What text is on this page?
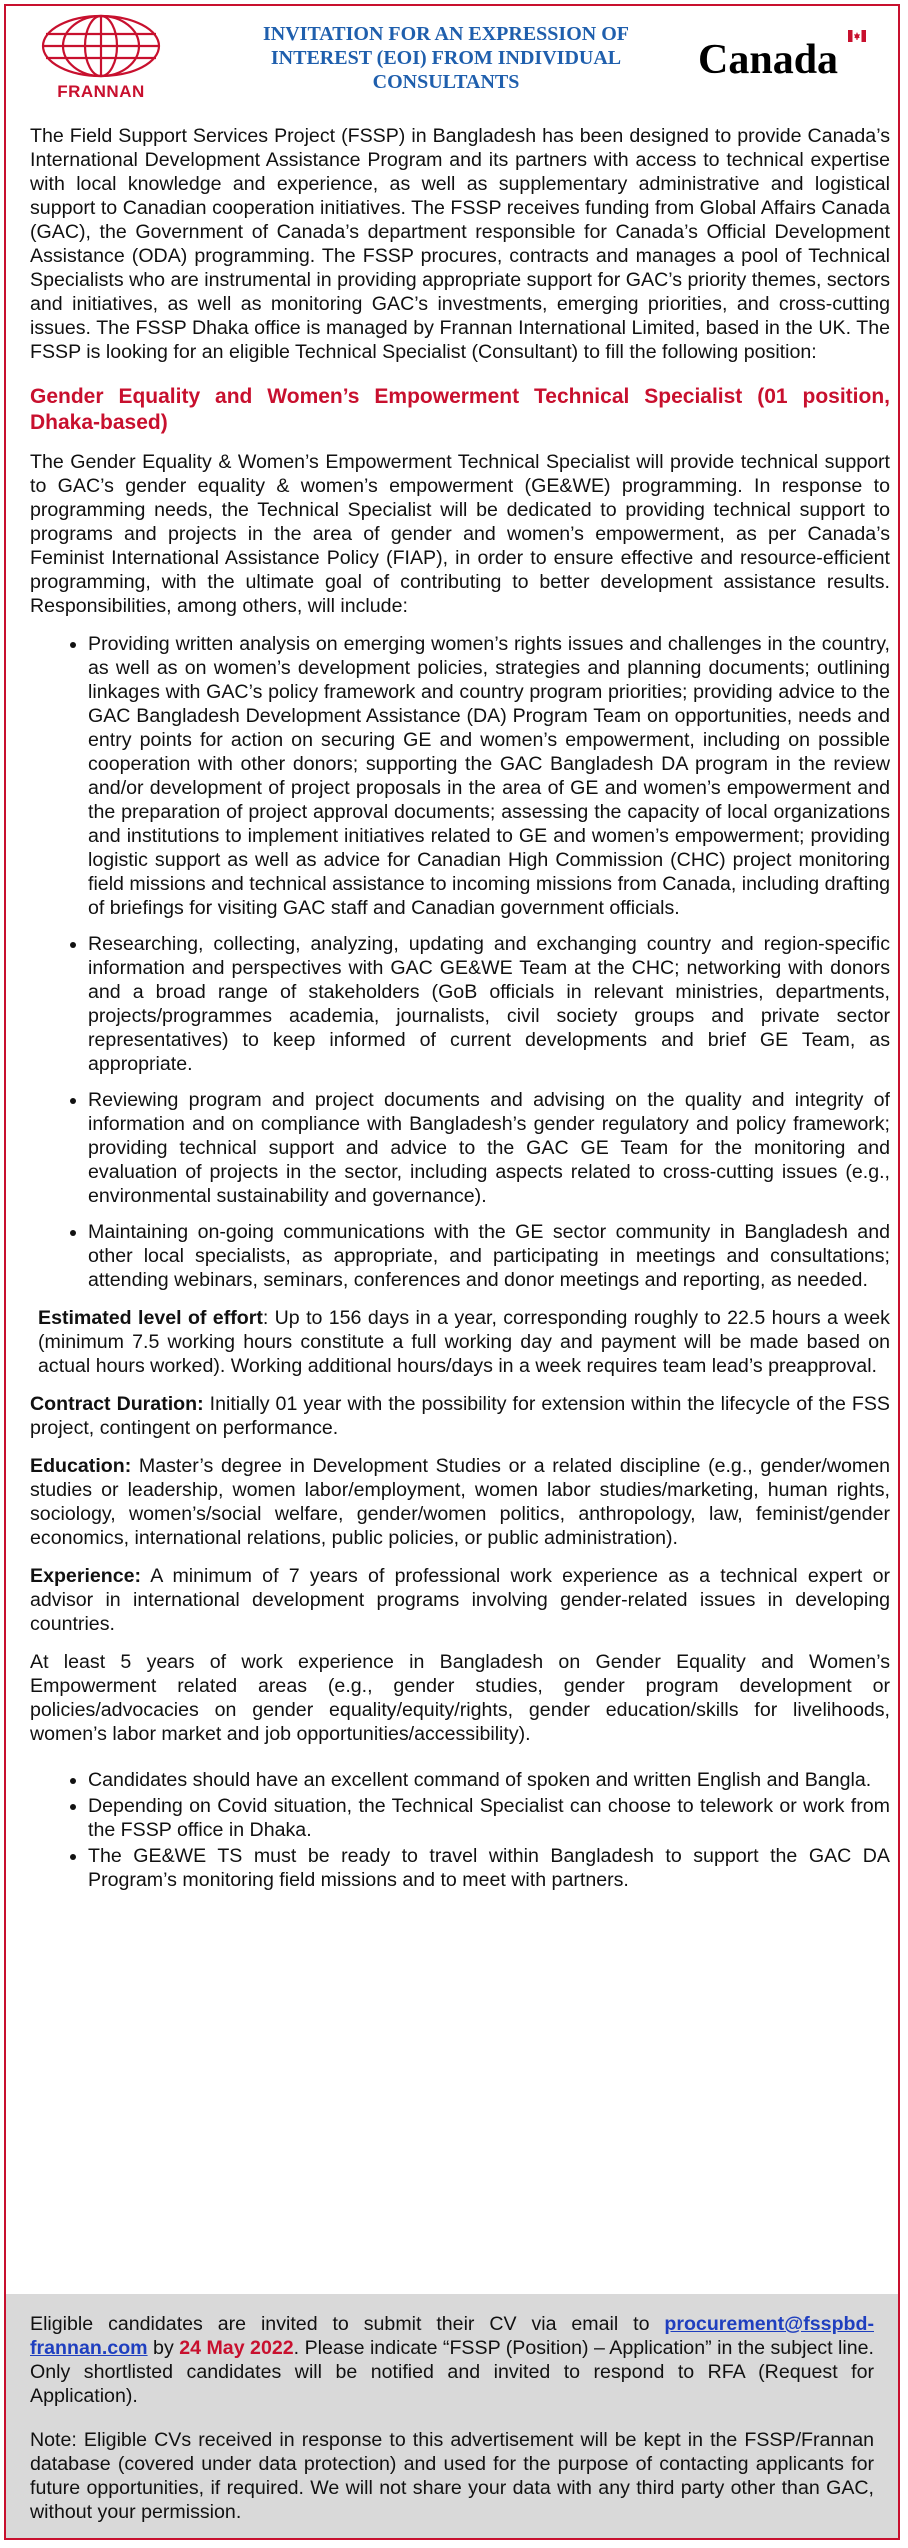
FRANNAN
INVITATION FOR AN EXPRESSION OF INTEREST (EOI) FROM INDIVIDUAL CONSULTANTS	Canada

The Field Support Services Project (FSSP) in Bangladesh has been designed to provide Canada’s International Development Assistance Program and its partners with access to technical expertise with local knowledge and experience, as well as supplementary administrative and logistical support to Canadian cooperation initiatives. The FSSP receives funding from Global Affairs Canada (GAC), the Government of Canada’s department responsible for Canada’s Official Development Assistance (ODA) programming. The FSSP procures, contracts and manages a pool of Technical Specialists who are instrumental in providing appropriate support for GAC’s priority themes, sectors and initiatives, as well as monitoring GAC’s investments, emerging priorities, and cross-cutting issues. The FSSP Dhaka office is managed by Frannan International Limited, based in the UK. The FSSP is looking for an eligible Technical Specialist (Consultant) to fill the following position:

Gender Equality and Women’s Empowerment Technical Specialist (01 position, Dhaka-based)

The Gender Equality & Women’s Empowerment Technical Specialist will provide technical support to GAC’s gender equality & women’s empowerment (GE&WE) programming. In response to programming needs, the Technical Specialist will be dedicated to providing technical support to programs and projects in the area of gender and women’s empowerment, as per Canada’s Feminist International Assistance Policy (FIAP), in order to ensure effective and resource-efficient programming, with the ultimate goal of contributing to better development assistance results. Responsibilities, among others, will include:

• Providing written analysis on emerging women’s rights issues and challenges in the country, as well as on women’s development policies, strategies and planning documents; outlining linkages with GAC’s policy framework and country program priorities; providing advice to the GAC Bangladesh Development Assistance (DA) Program Team on opportunities, needs and entry points for action on securing GE and women’s empowerment, including on possible cooperation with other donors; supporting the GAC Bangladesh DA program in the review and/or development of project proposals in the area of GE and women’s empowerment and the preparation of project approval documents; assessing the capacity of local organizations and institutions to implement initiatives related to GE and women’s empowerment; providing logistic support as well as advice for Canadian High Commission (CHC) project monitoring field missions and technical assistance to incoming missions from Canada, including drafting of briefings for visiting GAC staff and Canadian government officials.
• Researching, collecting, analyzing, updating and exchanging country and region-specific information and perspectives with GAC GE&WE Team at the CHC; networking with donors and a broad range of stakeholders (GoB officials in relevant ministries, departments, projects/programmes academia, journalists, civil society groups and private sector representatives) to keep informed of current developments and brief GE Team, as appropriate.
• Reviewing program and project documents and advising on the quality and integrity of information and on compliance with Bangladesh’s gender regulatory and policy framework; providing technical support and advice to the GAC GE Team for the monitoring and evaluation of projects in the sector, including aspects related to cross-cutting issues (e.g., environmental sustainability and governance).
• Maintaining on-going communications with the GE sector community in Bangladesh and other local specialists, as appropriate, and participating in meetings and consultations; attending webinars, seminars, conferences and donor meetings and reporting, as needed.

Estimated level of effort: Up to 156 days in a year, corresponding roughly to 22.5 hours a week (minimum 7.5 working hours constitute a full working day and payment will be made based on actual hours worked). Working additional hours/days in a week requires team lead’s preapproval.

Contract Duration: Initially 01 year with the possibility for extension within the lifecycle of the FSS project, contingent on performance.

Education: Master’s degree in Development Studies or a related discipline (e.g., gender/women studies or leadership, women labor/employment, women labor studies/marketing, human rights, sociology, women’s/social welfare, gender/women politics, anthropology, law, feminist/gender economics, international relations, public policies, or public administration).

Experience: A minimum of 7 years of professional work experience as a technical expert or advisor in international development programs involving gender-related issues in developing countries.

At least 5 years of work experience in Bangladesh on Gender Equality and Women’s Empowerment related areas (e.g., gender studies, gender program development or policies/advocacies on gender equality/equity/rights, gender education/skills for livelihoods, women’s labor market and job opportunities/accessibility).

• Candidates should have an excellent command of spoken and written English and Bangla.
• Depending on Covid situation, the Technical Specialist can choose to telework or work from the FSSP office in Dhaka.
• The GE&WE TS must be ready to travel within Bangladesh to support the GAC DA Program’s monitoring field missions and to meet with partners.

Eligible candidates are invited to submit their CV via email to procurement@fsspbd-frannan.com by 24 May 2022. Please indicate “FSSP (Position) – Application” in the subject line. Only shortlisted candidates will be notified and invited to respond to RFA (Request for Application).

Note: Eligible CVs received in response to this advertisement will be kept in the FSSP/Frannan database (covered under data protection) and used for the purpose of contacting applicants for future opportunities, if required. We will not share your data with any third party other than GAC, without your permission.
